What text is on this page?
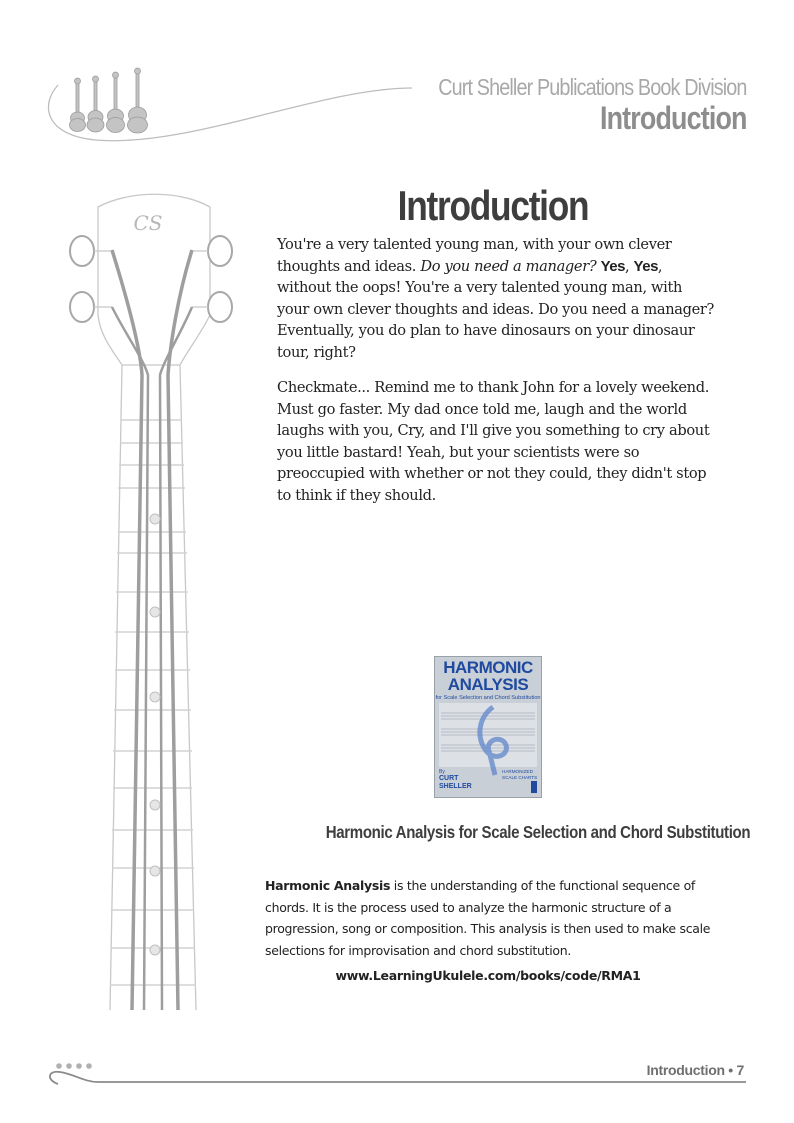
Curt Sheller Publications Book Division
Introduction
CS	Introduction

You're a very talented young man, with your own clever thoughts and ideas. Do you need a manager? Yes, Yes, without the oops! You're a very talented young man, with your own clever thoughts and ideas. Do you need a manager? Eventually, you do plan to have dinosaurs on your dinosaur tour, right?

Checkmate... Remind me to thank John for a lovely weekend. Must go faster. My dad once told me, laugh and the world laughs with you, Cry, and I'll give you something to cry about you little bastard! Yeah, but your scientists were so preoccupied with whether or not they could, they didn't stop to think if they should.

HARMONIC
ANALYSIS
for Scale Selection and Chord Substitution
By
CURT
SHELLER
HARMONIZED
SCALE CHARTS
Harmonic Analysis for Scale Selection and Chord Substitution

Harmonic Analysis is the understanding of the functional sequence of chords. It is the process used to analyze the harmonic structure of a progression, song or composition. This analysis is then used to make scale selections for improvisation and chord substitution.

www.LearningUkulele.com/books/code/RMA1
Introduction • 7
